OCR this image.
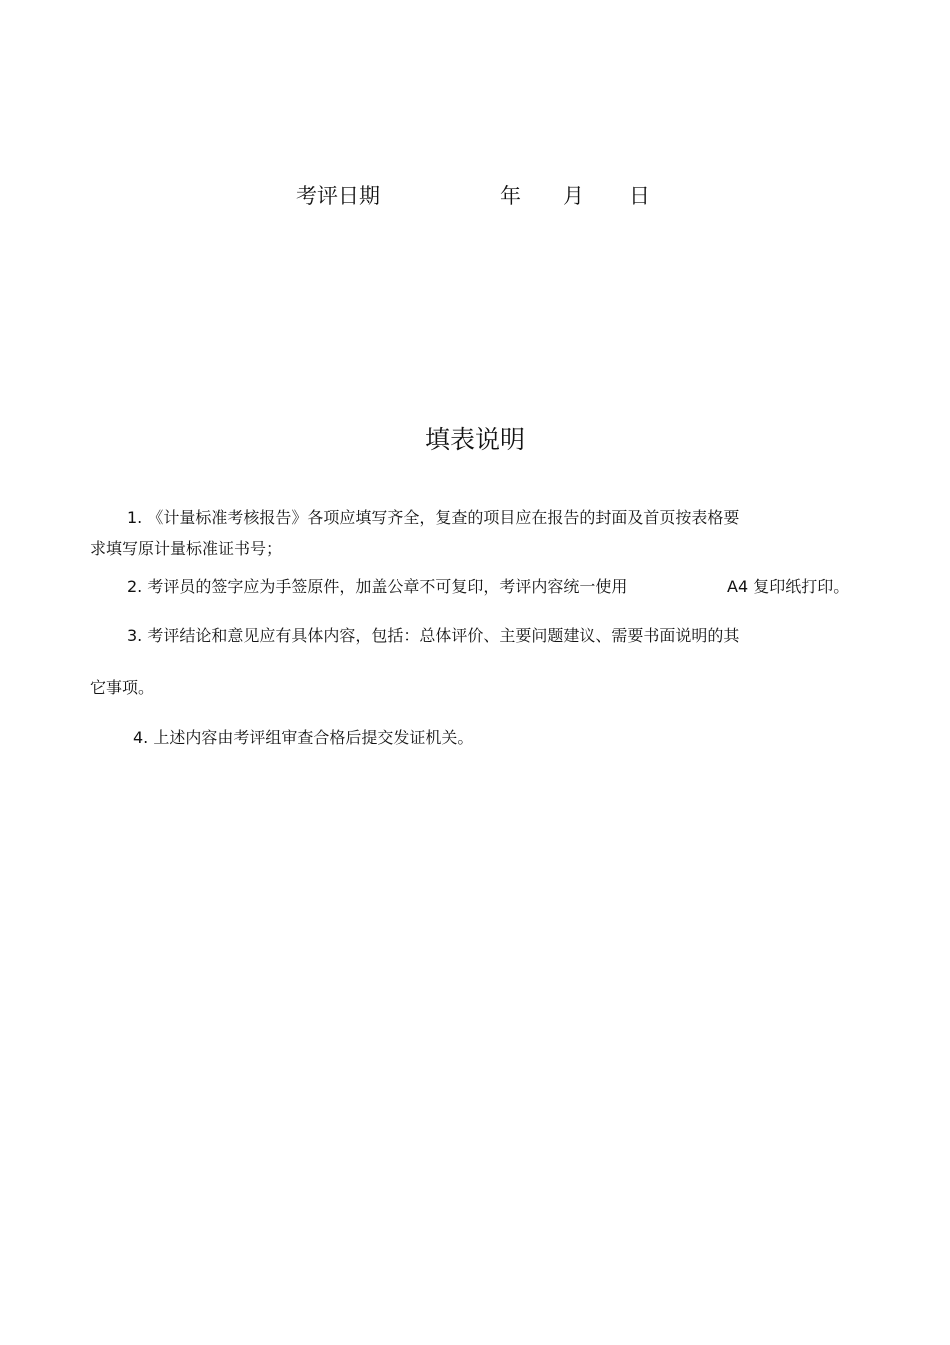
考评日期	年 月 日
填表说明
1. 《计量标准考核报告》各项应填写齐全，复查的项目应在报告的封面及首页按表格要
求填写原计量标准证书号；
2. 考评员的签字应为手签原件，加盖公章不可复印，考评内容统一使用	A4 复印纸打印。
3. 考评结论和意见应有具体内容，包括：总体评价、主要问题建议、需要书面说明的其
它事项。
4. 上述内容由考评组审查合格后提交发证机关。
